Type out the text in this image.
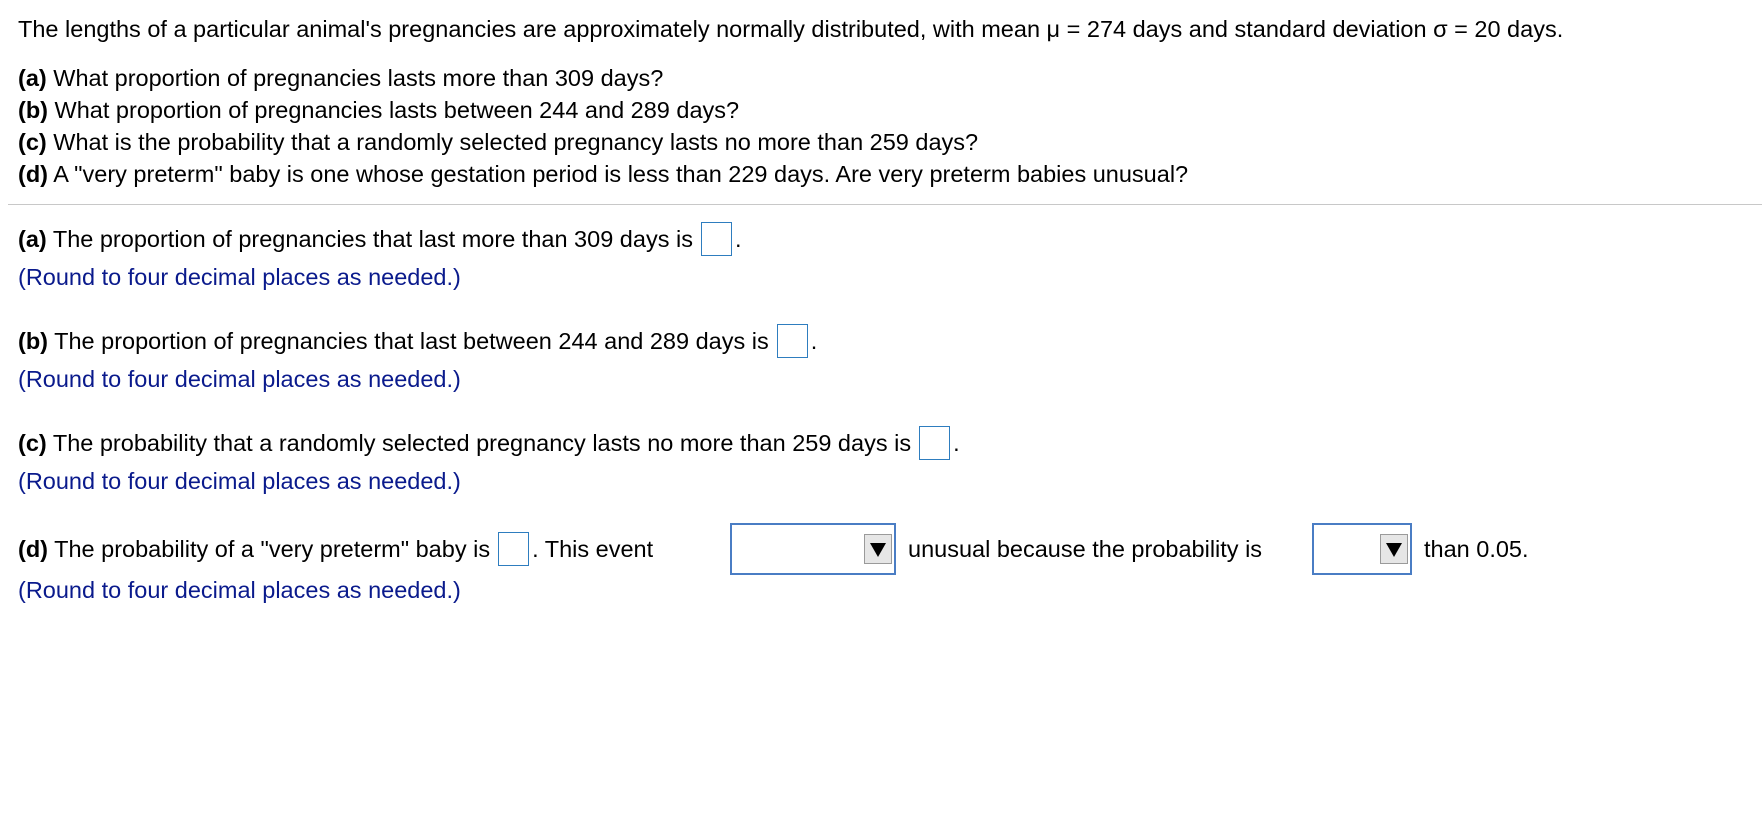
The lengths of a particular animal's pregnancies are approximately normally distributed, with mean μ = 274 days and standard deviation σ = 20 days.
(a) What proportion of pregnancies lasts more than 309 days?
(b) What proportion of pregnancies lasts between 244 and 289 days?
(c) What is the probability that a randomly selected pregnancy lasts no more than 259 days?
(d) A "very preterm" baby is one whose gestation period is less than 229 days. Are very preterm babies unusual?
(a) The proportion of pregnancies that last more than 309 days is .
(Round to four decimal places as needed.)
(b) The proportion of pregnancies that last between 244 and 289 days is .
(Round to four decimal places as needed.)
(c) The probability that a randomly selected pregnancy lasts no more than 259 days is .
(Round to four decimal places as needed.)
(d) The probability of a "very preterm" baby is . This event	unusual because the probability is	than 0.05.
(Round to four decimal places as needed.)
